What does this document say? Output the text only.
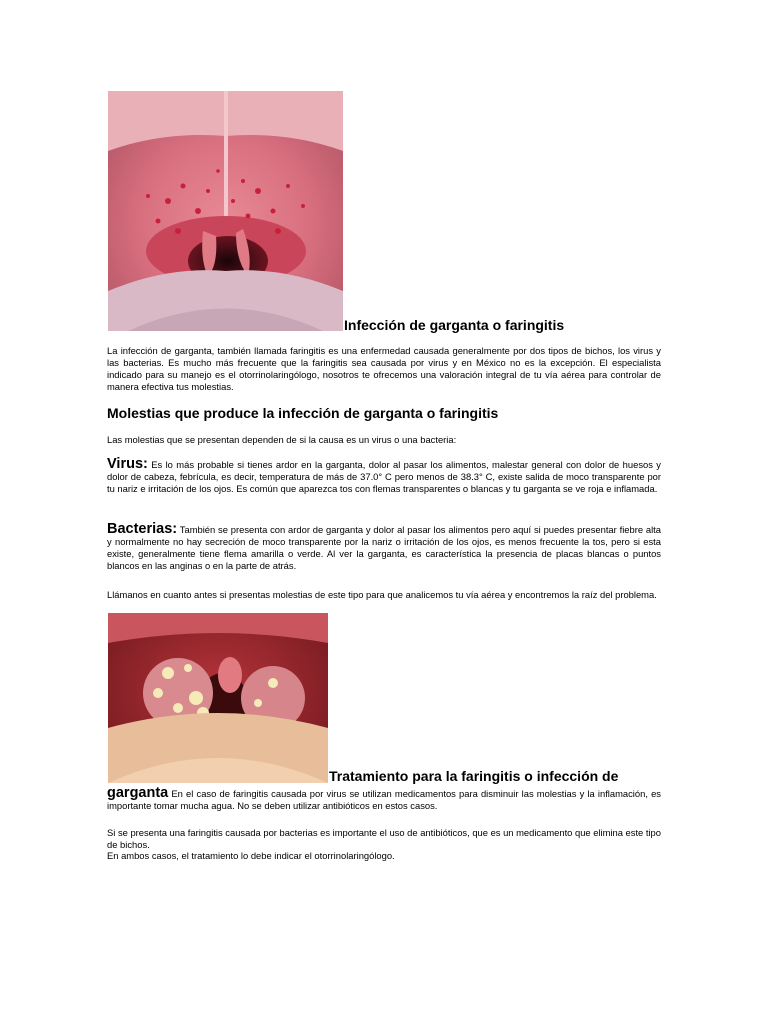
Infección de garganta o faringitis

La infección de garganta, también llamada faringitis es una enfermedad causada generalmente por dos tipos de bichos, los virus y las bacterias. Es mucho más frecuente que la faringitis sea causada por virus y en México no es la excepción. El especialista indicado para su manejo es el otorrinolaringólogo, nosotros te ofrecemos una valoración integral de tu vía aérea para controlar de manera efectiva tus molestias.

Molestias que produce la infección de garganta o faringitis

Las molestias que se presentan dependen de si la causa es un virus o una bacteria:

Virus: Es lo más probable si tienes ardor en la garganta, dolor al pasar los alimentos, malestar general con dolor de huesos y dolor de cabeza, febrícula, es decir, temperatura de más de 37.0° C pero menos de 38.3° C, existe salida de moco transparente por tu nariz e irritación de los ojos. Es común que aparezca tos con flemas transparentes o blancas y tu garganta se ve roja e inflamada.

Bacterias: También se presenta con ardor de garganta y dolor al pasar los alimentos pero aquí si puedes presentar fiebre alta y normalmente no hay secreción de moco transparente por la nariz o irritación de los ojos, es menos frecuente la tos, pero si esta existe, generalmente tiene flema amarilla o verde. Al ver la garganta, es característica la presencia de placas blancas o puntos blancos en las anginas o en la parte de atrás.

Llámanos en cuanto antes si presentas molestias de este tipo para que analicemos tu vía aérea y encontremos la raíz del problema.

Tratamiento para la faringitis o infección de

garganta En el caso de faringitis causada por virus se utilizan medicamentos para disminuir las molestias y la inflamación, es importante tomar mucha agua. No se deben utilizar antibióticos en estos casos.

Si se presenta una faringitis causada por bacterias es importante el uso de antibióticos, que es un medicamento que elimina este tipo de bichos.

En ambos casos, el tratamiento lo debe indicar el otorrinolaringólogo.
